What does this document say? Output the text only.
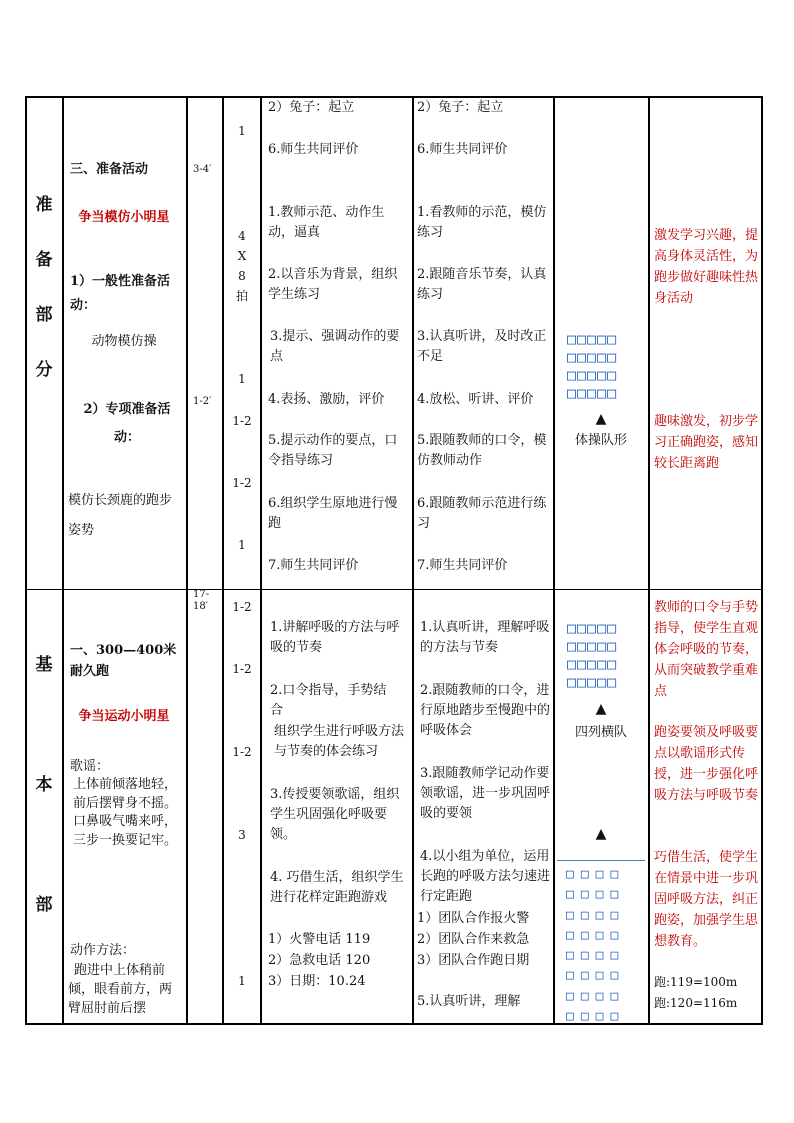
准
备
部
分
基
本
部
三、准备活动
争当模仿小明星
1）一般性准备活动：
动物模仿操
2）专项准备活动：
模仿长颈鹿的跑步姿势
3-4′
1-2′
1
4
X
8
拍
1
1-2
1-2
1
2）兔子：起立
6.师生共同评价
1.教师示范、动作生动，逼真
2.以音乐为背景，组织学生练习
3.提示、强调动作的要点
4.表扬、激励，评价
5.提示动作的要点，口令指导练习
6.组织学生原地进行慢跑
7.师生共同评价
2）兔子：起立
6.师生共同评价
1.看教师的示范，模仿练习
2.跟随音乐节奏，认真练习
3.认真听讲，及时改正不足
4.放松、听讲、评价
5.跟随教师的口令，模仿教师动作
6.跟随教师示范进行练习
7.师生共同评价
□□□□□
□□□□□
□□□□□
□□□□□
▲
体操队形
激发学习兴趣，提高身体灵活性，为跑步做好趣味性热身活动
趣味激发，初步学习正确跑姿，感知较长距离跑
一、300—400米耐久跑
争当运动小明星
歌谣：
上体前倾落地轻，前后摆臂身不摇。
口鼻吸气嘴来呼，
三步一换要记牢。
动作方法：
跑进中上体稍前倾，眼看前方，两臂屈肘前后摆
17-18′	1-2
1-2
1-2
3
1
1.讲解呼吸的方法与呼吸的节奏
2.口令指导，手势结合
组织学生进行呼吸方法与节奏的体会练习
3.传授要领歌谣，组织学生巩固强化呼吸要领。
4. 巧借生活，组织学生进行花样定距跑游戏
1）火警电话 119
2）急救电话 120
3）日期：10.24
1.认真听讲，理解呼吸的方法与节奏
2.跟随教师的口令，进行原地踏步至慢跑中的呼吸体会
3.跟随教师学记动作要领歌谣，进一步巩固呼吸的要领
4.以小组为单位，运用长跑的呼吸方法匀速进行定距跑
1）团队合作报火警
2）团队合作来救急
3）团队合作跑日期
5.认真听讲，理解
□□□□□
□□□□□
□□□□□
□□□□□
▲
四列横队
▲
□□□□
□□□□
□□□□
□□□□
□□□□
□□□□
□□□□
□□□□
教师的口令与手势指导，使学生直观体会呼吸的节奏，从而突破教学重难点
跑姿要领及呼吸要点以歌谣形式传授，进一步强化呼吸方法与呼吸节奏
巧借生活，使学生在情景中进一步巩固呼吸方法，纠正跑姿，加强学生思想教育。
跑:119=100m
跑:120=116m
